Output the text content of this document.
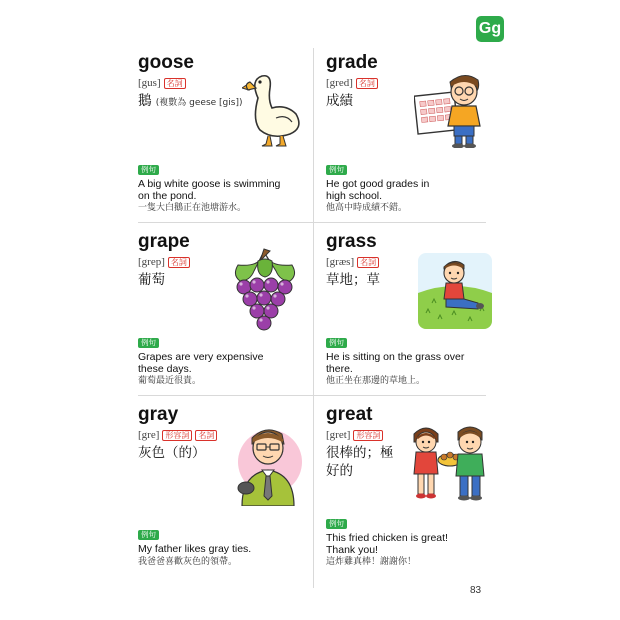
Gg
goose
[gus] 名詞
鵝 (複數為 geese [gis])
例句
A big white goose is swimming on the pond.
一隻大白鵝正在池塘游水。
grade
[gred] 名詞
成績
例句
He got good grades in high school.
他高中時成績不錯。
grape
[grep] 名詞
葡萄
例句
Grapes are very expensive these days.
葡萄最近很貴。
grass
[græs] 名詞
草地；草
例句
He is sitting on the grass over there.
他正坐在那邊的草地上。
gray
[gre] 形容詞	名詞
灰色（的）
例句
My father likes gray ties.
我爸爸喜歡灰色的領帶。
great
[gret] 形容詞
很棒的；極好的
例句
This fried chicken is great! Thank you!
這炸雞真棒！謝謝你！
83
